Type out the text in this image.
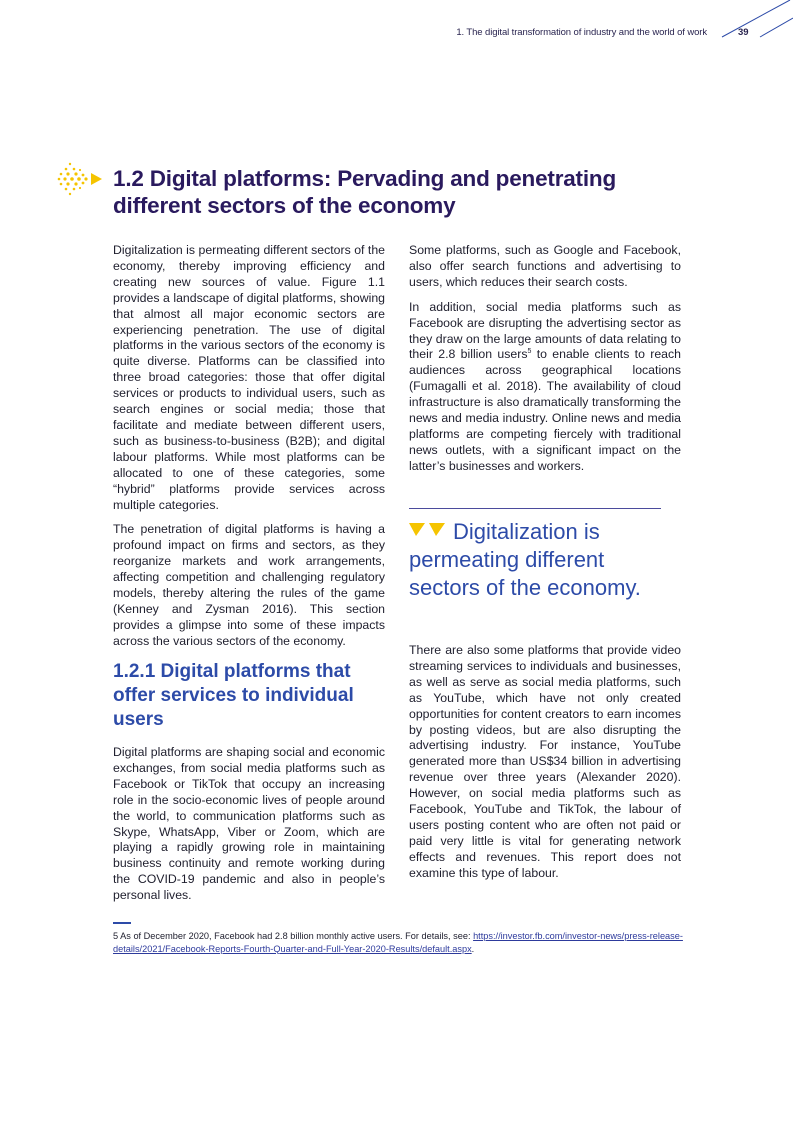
1. The digital transformation of industry and the world of work	39
1.2 Digital platforms: Pervading and penetrating different sectors of the economy

Digitalization is permeating different sectors of the economy, thereby improving efficiency and creating new sources of value. Figure 1.1 provides a landscape of digital platforms, showing that almost all major economic sectors are experiencing penetration. The use of digital platforms in the various sectors of the economy is quite diverse. Platforms can be classified into three broad categories: those that offer digital services or products to individual users, such as search engines or social media; those that facilitate and mediate between different users, such as business-to-business (B2B); and digital labour platforms. While most platforms can be allocated to one of these categories, some “hybrid” platforms provide services across multiple categories.

The penetration of digital platforms is having a profound impact on firms and sectors, as they reorganize markets and work arrangements, affecting competition and challenging regulatory models, thereby altering the rules of the game (Kenney and Zysman 2016). This section provides a glimpse into some of these impacts across the various sectors of the economy.

1.2.1 Digital platforms that offer services to individual users

Digital platforms are shaping social and economic exchanges, from social media platforms such as Facebook or TikTok that occupy an increasing role in the socio-economic lives of people around the world, to communication platforms such as Skype, WhatsApp, Viber or Zoom, which are playing a rapidly growing role in maintaining business continuity and remote working during the COVID-19 pandemic and also in people’s personal lives.

Some platforms, such as Google and Facebook, also offer search functions and advertising to users, which reduces their search costs.

In addition, social media platforms such as Facebook are disrupting the advertising sector as they draw on the large amounts of data relating to their 2.8 billion users$^5$ to enable clients to reach audiences across geographical locations (Fumagalli et al. 2018). The availability of cloud infrastructure is also dramatically transforming the news and media industry. Online news and media platforms are competing fiercely with traditional news outlets, with a significant impact on the latter’s businesses and workers.

Digitalization is permeating different sectors of the economy.

There are also some platforms that provide video streaming services to individuals and businesses, as well as serve as social media platforms, such as YouTube, which have not only created opportunities for content creators to earn incomes by posting videos, but are also disrupting the advertising industry. For instance, YouTube generated more than US$34 billion in advertising revenue over three years (Alexander 2020). However, on social media platforms such as Facebook, YouTube and TikTok, the labour of users posting content who are often not paid or paid very little is vital for generating network effects and revenues. This report does not examine this type of labour.

5 As of December 2020, Facebook had 2.8 billion monthly active users. For details, see: https://investor.fb.com/investor-news/press-release-details/2021/Facebook-Reports-Fourth-Quarter-and-Full-Year-2020-Results/default.aspx.
